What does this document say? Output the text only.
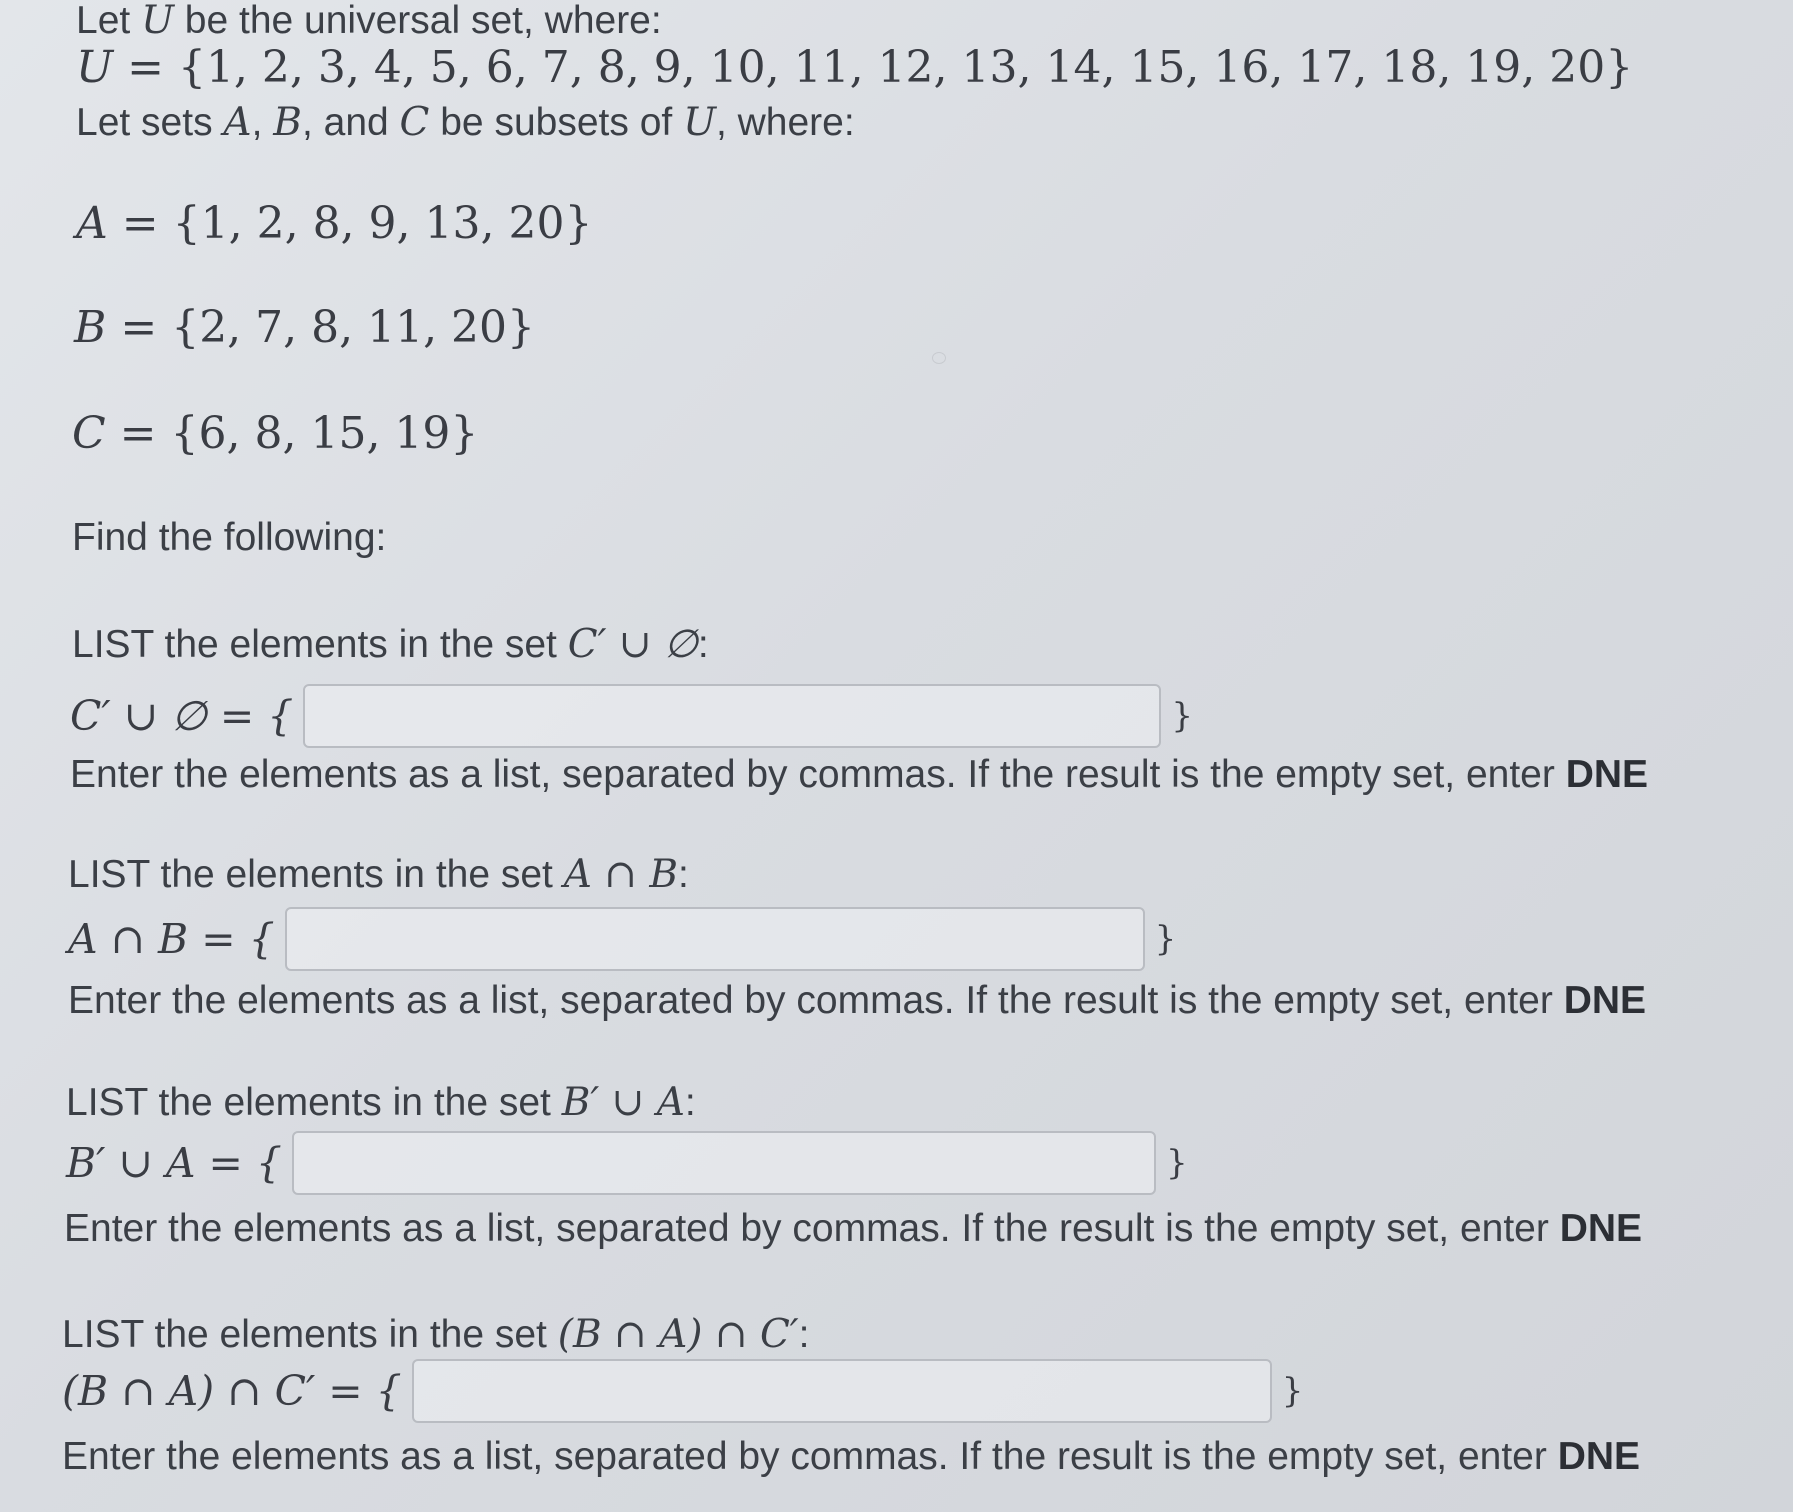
Let U be the universal set, where:
U = {1, 2, 3, 4, 5, 6, 7, 8, 9, 10, 11, 12, 13, 14, 15, 16, 17, 18, 19, 20}
Let sets A, B, and C be subsets of U, where:
A = {1, 2, 8, 9, 13, 20}
B = {2, 7, 8, 11, 20}
C = {6, 8, 15, 19}
Find the following:
LIST the elements in the set C′ ∪ ∅:
C′ ∪ ∅ = {	}
Enter the elements as a list, separated by commas. If the result is the empty set, enter DNE
LIST the elements in the set A ∩ B:
A ∩ B = {	}
Enter the elements as a list, separated by commas. If the result is the empty set, enter DNE
LIST the elements in the set B′ ∪ A:
B′ ∪ A = {	}
Enter the elements as a list, separated by commas. If the result is the empty set, enter DNE
LIST the elements in the set (B ∩ A) ∩ C′:
(B ∩ A) ∩ C′ = {	}
Enter the elements as a list, separated by commas. If the result is the empty set, enter DNE
